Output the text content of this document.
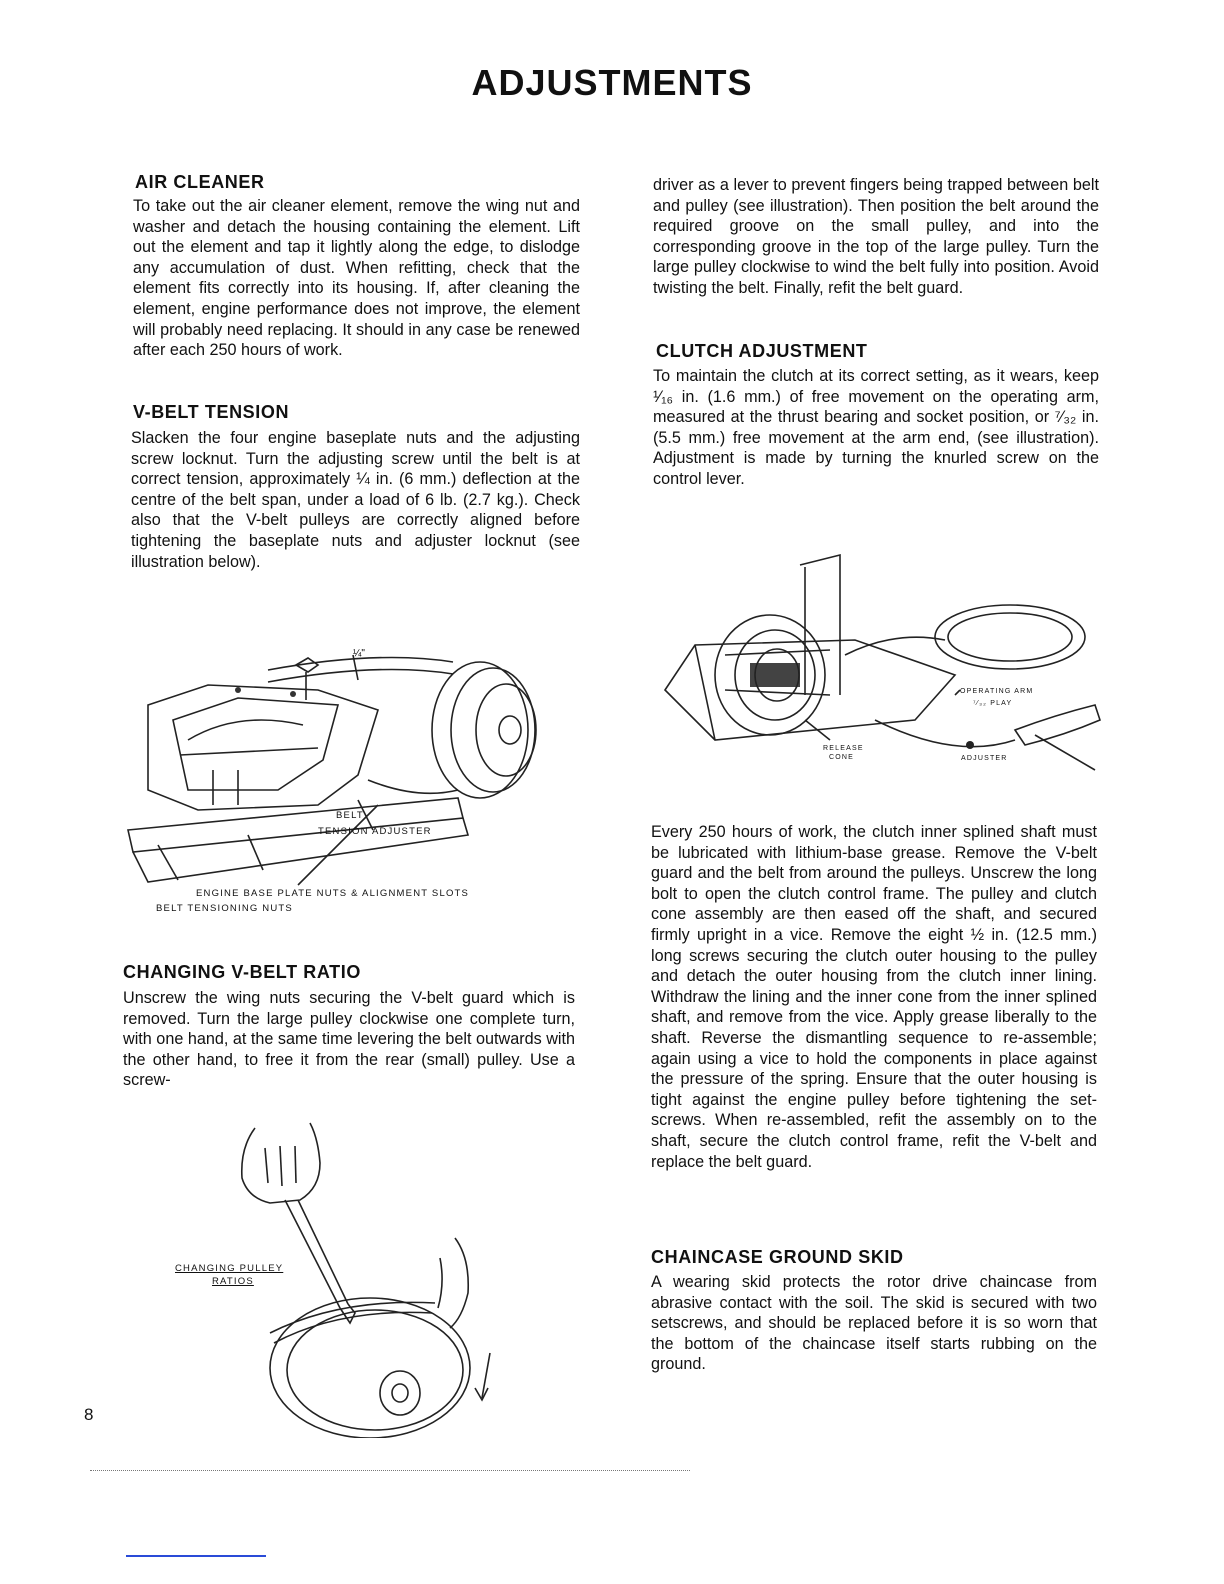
ADJUSTMENTS
AIR CLEANER

To take out the air cleaner element, remove the wing nut and washer and detach the housing containing the element. Lift out the element and tap it lightly along the edge, to dislodge any accumulation of dust. When refitting, check that the element fits correctly into its housing. If, after cleaning the element, engine performance does not improve, the element will probably need replacing. It should in any case be renewed after each 250 hours of work.

V-BELT TENSION

Slacken the four engine baseplate nuts and the adjusting screw locknut. Turn the adjusting screw until the belt is at correct tension, approximately ¼ in. (6 mm.) deflection at the centre of the belt span, under a load of 6 lb. (2.7 kg.). Check also that the V-belt pulleys are correctly aligned before tightening the baseplate nuts and adjuster locknut (see illustration below).

¼"
BELT
TENSION ADJUSTER
ENGINE BASE PLATE NUTS & ALIGNMENT SLOTS
BELT TENSIONING NUTS
CHANGING V-BELT RATIO

Unscrew the wing nuts securing the V-belt guard which is removed. Turn the large pulley clockwise one complete turn, with one hand, at the same time levering the belt outwards with the other hand, to free it from the rear (small) pulley. Use a screw-

CHANGING PULLEY
RATIOS
8

driver as a lever to prevent fingers being trapped between belt and pulley (see illustration). Then position the belt around the required groove on the small pulley, and into the corresponding groove in the top of the large pulley. Turn the large pulley clockwise to wind the belt fully into position. Avoid twisting the belt. Finally, refit the belt guard.

CLUTCH ADJUSTMENT

To maintain the clutch at its correct setting, as it wears, keep ¹⁄₁₆ in. (1.6 mm.) of free movement on the operating arm, measured at the thrust bearing and socket position, or ⁷⁄₃₂ in. (5.5 mm.) free movement at the arm end, (see illustration). Adjustment is made by turning the knurled screw on the control lever.

OPERATING ARM
⁷⁄₃₂ PLAY
RELEASE
CONE	ADJUSTER

Every 250 hours of work, the clutch inner splined shaft must be lubricated with lithium-base grease. Remove the V-belt guard and the belt from around the pulleys. Unscrew the long bolt to open the clutch control frame. The pulley and clutch cone assembly are then eased off the shaft, and secured firmly upright in a vice. Remove the eight ½ in. (12.5 mm.) long screws securing the clutch outer housing to the pulley and detach the outer housing from the clutch inner lining. Withdraw the lining and the inner cone from the inner splined shaft, and remove from the vice. Apply grease liberally to the shaft. Reverse the dismantling sequence to re-assemble; again using a vice to hold the components in place against the pressure of the spring. Ensure that the outer housing is tight against the engine pulley before tightening the set-screws. When re-assembled, refit the assembly on to the shaft, secure the clutch control frame, refit the V-belt and replace the belt guard.

CHAINCASE GROUND SKID

A wearing skid protects the rotor drive chaincase from abrasive contact with the soil. The skid is secured with two setscrews, and should be replaced before it is so worn that the bottom of the chaincase itself starts rubbing on the ground.
